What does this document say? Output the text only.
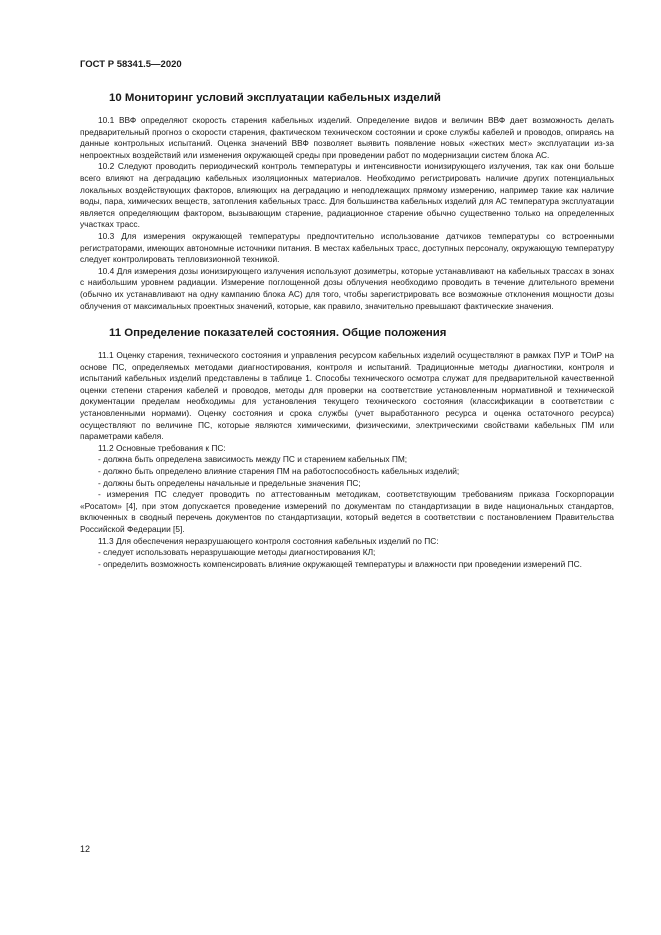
ГОСТ Р 58341.5—2020
10 Мониторинг условий эксплуатации кабельных изделий

10.1 ВВФ определяют скорость старения кабельных изделий. Определение видов и величин ВВФ дает возможность делать предварительный прогноз о скорости старения, фактическом техническом состоянии и сроке службы кабелей и проводов, опираясь на данные контрольных испытаний. Оценка значений ВВФ позволяет выявить появление новых «жестких мест» эксплуатации из-за непроектных воздействий или изменения окружающей среды при проведении работ по модернизации систем блока АС.

10.2 Следуют проводить периодический контроль температуры и интенсивности ионизирующего излучения, так как они больше всего влияют на деградацию кабельных изоляционных материалов. Необходимо регистрировать наличие других потенциальных локальных воздействующих факторов, влияющих на деградацию и неподлежащих прямому измерению, например такие как наличие воды, пара, химических веществ, затопления кабельных трасс. Для большинства кабельных изделий для АС температура эксплуатации является определяющим фактором, вызывающим старение, радиационное старение обычно существенно только на определенных участках трасс.

10.3 Для измерения окружающей температуры предпочтительно использование датчиков температуры со встроенными регистраторами, имеющих автономные источники питания. В местах кабельных трасс, доступных персоналу, окружающую температуру следует контролировать тепловизионной техникой.

10.4 Для измерения дозы ионизирующего излучения используют дозиметры, которые устанавливают на кабельных трассах в зонах с наибольшим уровнем радиации. Измерение поглощенной дозы облучения необходимо проводить в течение длительного времени (обычно их устанавливают на одну кампанию блока АС) для того, чтобы зарегистрировать все возможные отклонения мощности дозы облучения от максимальных проектных значений, которые, как правило, значительно превышают фактические значения.

11 Определение показателей состояния. Общие положения

11.1 Оценку старения, технического состояния и управления ресурсом кабельных изделий осуществляют в рамках ПУР и ТОиР на основе ПС, определяемых методами диагностирования, контроля и испытаний. Традиционные методы диагностики, контроля и испытаний кабельных изделий представлены в таблице 1. Способы технического осмотра служат для предварительной качественной оценки степени старения кабелей и проводов, методы для проверки на соответствие установленным нормативной и технической документации пределам необходимы для установления текущего технического состояния (классификации в соответствии с установленными нормами). Оценку состояния и срока службы (учет выработанного ресурса и оценка остаточного ресурса) осуществляют по величине ПС, которые являются химическими, физическими, электрическими свойствами кабельных ПМ или параметрами кабеля.

11.2 Основные требования к ПС:

- должна быть определена зависимость между ПС и старением кабельных ПМ;

- должно быть определено влияние старения ПМ на работоспособность кабельных изделий;

- должны быть определены начальные и предельные значения ПС;

- измерения ПС следует проводить по аттестованным методикам, соответствующим требованиям приказа Госкорпорации «Росатом» [4], при этом допускается проведение измерений по документам по стандартизации в виде национальных стандартов, включенных в сводный перечень документов по стандартизации, который ведется в соответствии с постановлением Правительства Российской Федерации [5].

11.3 Для обеспечения неразрушающего контроля состояния кабельных изделий по ПС:

- следует использовать неразрушающие методы диагностирования КЛ;

- определить возможность компенсировать влияние окружающей температуры и влажности при проведении измерений ПС.

12
